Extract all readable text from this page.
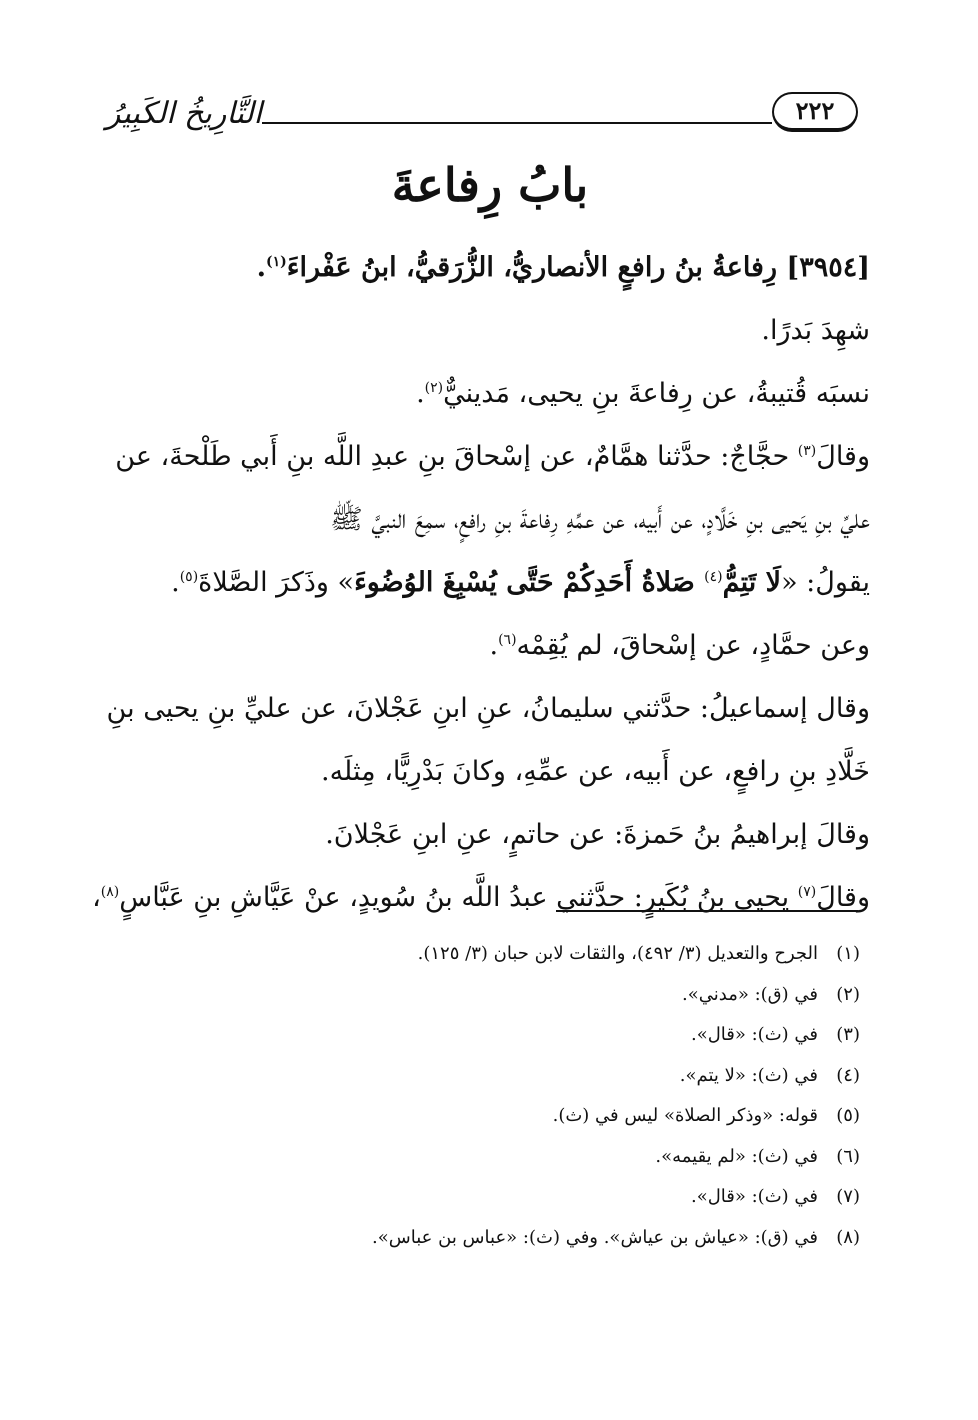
التَّارِيخُ الكَبِيرُ	٢٢٢
بابُ رِفاعةَ
[٣٩٥٤] رِفاعةُ بنُ رافعٍ الأنصاريُّ، الزُّرَقيُّ، ابنُ عَفْراءَ$^{(١)}$.
شهِدَ بَدرًا.
نسبَه قُتيبةُ، عن رِفاعةَ بنِ يحيى، مَدينيٌّ$^{(٢)}$.
وقالَ$^{(٣)}$ حجَّاجٌ: حدَّثنا همَّامٌ، عن إسْحاقَ بنِ عبدِ اللَّه بنِ أَبي طَلْحةَ، عن
عليِّ بنِ يَحيى بنِ خَلَّادٍ، عن أَبيه، عن عمِّهِ رِفاعةَ بنِ رافعٍ، سمِعَ النبيَّ ﷺ
يقولُ: «لَا تَتِمُّ$^{(٤)}$ صَلاةُ أَحَدِكُمْ حَتَّى يُسْبِغَ الوُضُوءَ» وذَكرَ الصَّلاةَ$^{(٥)}$.
وعن حمَّادٍ، عن إسْحاقَ، لم يُقِمْه$^{(٦)}$.
وقال إسماعيلُ: حدَّثني سليمانُ، عنِ ابنِ عَجْلانَ، عن عليِّ بنِ يحيى بنِ
خَلَّادِ بنِ رافعٍ، عن أَبيه، عن عمِّهِ، وكانَ بَدْرِيًّا، مِثلَه.
وقالَ إبراهيمُ بنُ حَمزةَ: عن حاتمٍ، عنِ ابنِ عَجْلانَ.
وقالَ$^{(٧)}$ يحيى بنُ بُكَيرٍ: حدَّثني عبدُ اللَّه بنُ سُويدٍ، عنْ عَيَّاشِ بنِ عَبَّاسٍ$^{(٨)}$،
(١)الجرح والتعديل (٣/ ٤٩٢)، والثقات لابن حبان (٣/ ١٢٥).
(٢)في (ق): «مدني».
(٣)في (ث): «قال».
(٤)في (ث): «لا يتم».
(٥)قوله: «وذكر الصلاة» ليس في (ث).
(٦)في (ث): «لم يقيمه».
(٧)في (ث): «قال».
(٨)في (ق): «عياش بن عياش». وفي (ث): «عباس بن عباس».
